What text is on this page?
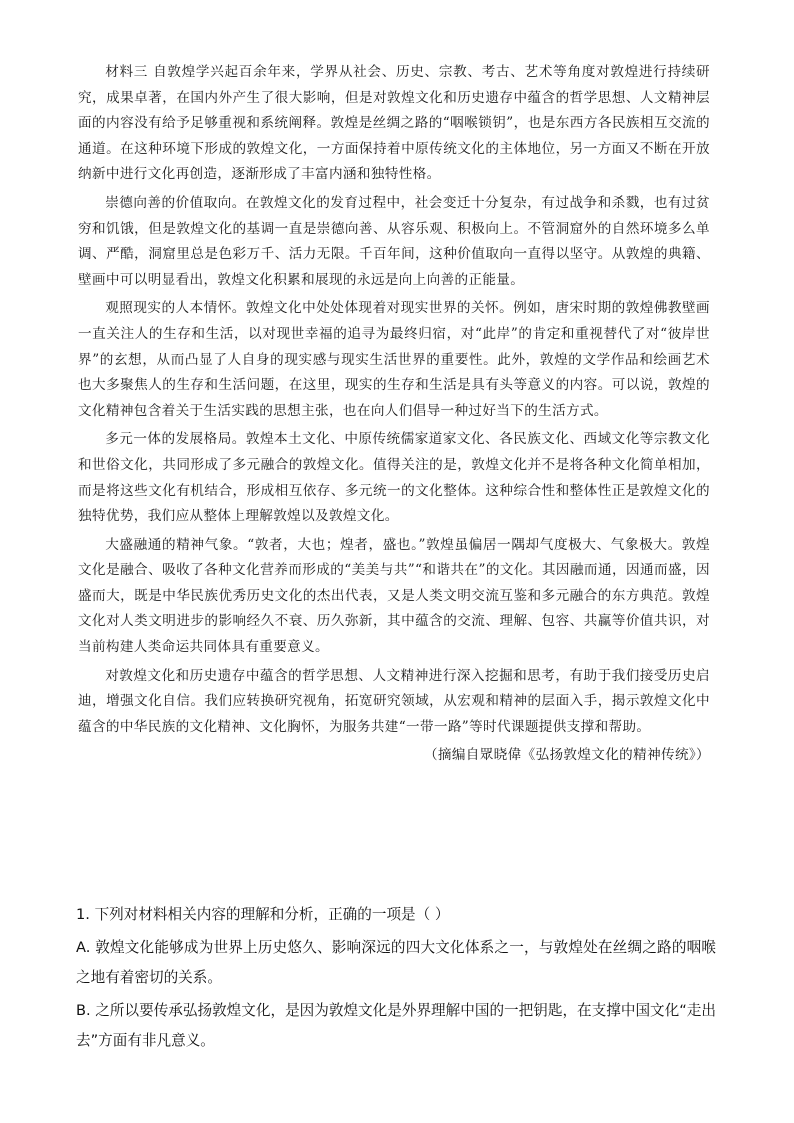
材料三 自敦煌学兴起百余年来，学界从社会、历史、宗教、考古、艺术等角度对敦煌进行持续研究，成果卓著，在国内外产生了很大影响，但是对敦煌文化和历史遗存中蕴含的哲学思想、人文精神层面的内容没有给予足够重视和系统阐释。敦煌是丝绸之路的“咽喉锁钥”，也是东西方各民族相互交流的通道。在这种环境下形成的敦煌文化，一方面保持着中原传统文化的主体地位，另一方面又不断在开放纳新中进行文化再创造，逐渐形成了丰富内涵和独特性格。

崇德向善的价值取向。在敦煌文化的发育过程中，社会变迁十分复杂，有过战争和杀戮，也有过贫穷和饥饿，但是敦煌文化的基调一直是崇德向善、从容乐观、积极向上。不管洞窟外的自然环境多么单调、严酷，洞窟里总是色彩万千、活力无限。千百年间，这种价值取向一直得以坚守。从敦煌的典籍、壁画中可以明显看出，敦煌文化积累和展现的永远是向上向善的正能量。

观照现实的人本情怀。敦煌文化中处处体现着对现实世界的关怀。例如，唐宋时期的敦煌佛教壁画一直关注人的生存和生活，以对现世幸福的追寻为最终归宿，对“此岸”的肯定和重视替代了对“彼岸世界”的玄想，从而凸显了人自身的现实感与现实生活世界的重要性。此外，敦煌的文学作品和绘画艺术也大多聚焦人的生存和生活问题，在这里，现实的生存和生活是具有头等意义的内容。可以说，敦煌的文化精神包含着关于生活实践的思想主张，也在向人们倡导一种过好当下的生活方式。

多元一体的发展格局。敦煌本土文化、中原传统儒家道家文化、各民族文化、西域文化等宗教文化和世俗文化，共同形成了多元融合的敦煌文化。值得关注的是，敦煌文化并不是将各种文化简单相加，而是将这些文化有机结合，形成相互依存、多元统一的文化整体。这种综合性和整体性正是敦煌文化的独特优势，我们应从整体上理解敦煌以及敦煌文化。

大盛融通的精神气象。“敦者，大也；煌者，盛也。”敦煌虽偏居一隅却气度极大、气象极大。敦煌文化是融合、吸收了各种文化营养而形成的“美美与共”“和谐共在”的文化。其因融而通，因通而盛，因盛而大，既是中华民族优秀历史文化的杰出代表，又是人类文明交流互鉴和多元融合的东方典范。敦煌文化对人类文明进步的影响经久不衰、历久弥新，其中蕴含的交流、理解、包容、共赢等价值共识，对当前构建人类命运共同体具有重要意义。

对敦煌文化和历史遗存中蕴含的哲学思想、人文精神进行深入挖掘和思考，有助于我们接受历史启迪，增强文化自信。我们应转换研究视角，拓宽研究领域，从宏观和精神的层面入手，揭示敦煌文化中蕴含的中华民族的文化精神、文化胸怀，为服务共建“一带一路”等时代课题提供支撑和帮助。

（摘编自眾晓偉《弘扬敦煌文化的精神传统》）

1. 下列对材料相关内容的理解和分析，正确的一项是（ ）

A. 敦煌文化能够成为世界上历史悠久、影响深远的四大文化体系之一，与敦煌处在丝绸之路的咽喉之地有着密切的关系。

B. 之所以要传承弘扬敦煌文化，是因为敦煌文化是外界理解中国的一把钥匙，在支撑中国文化“走出去”方面有非凡意义。
